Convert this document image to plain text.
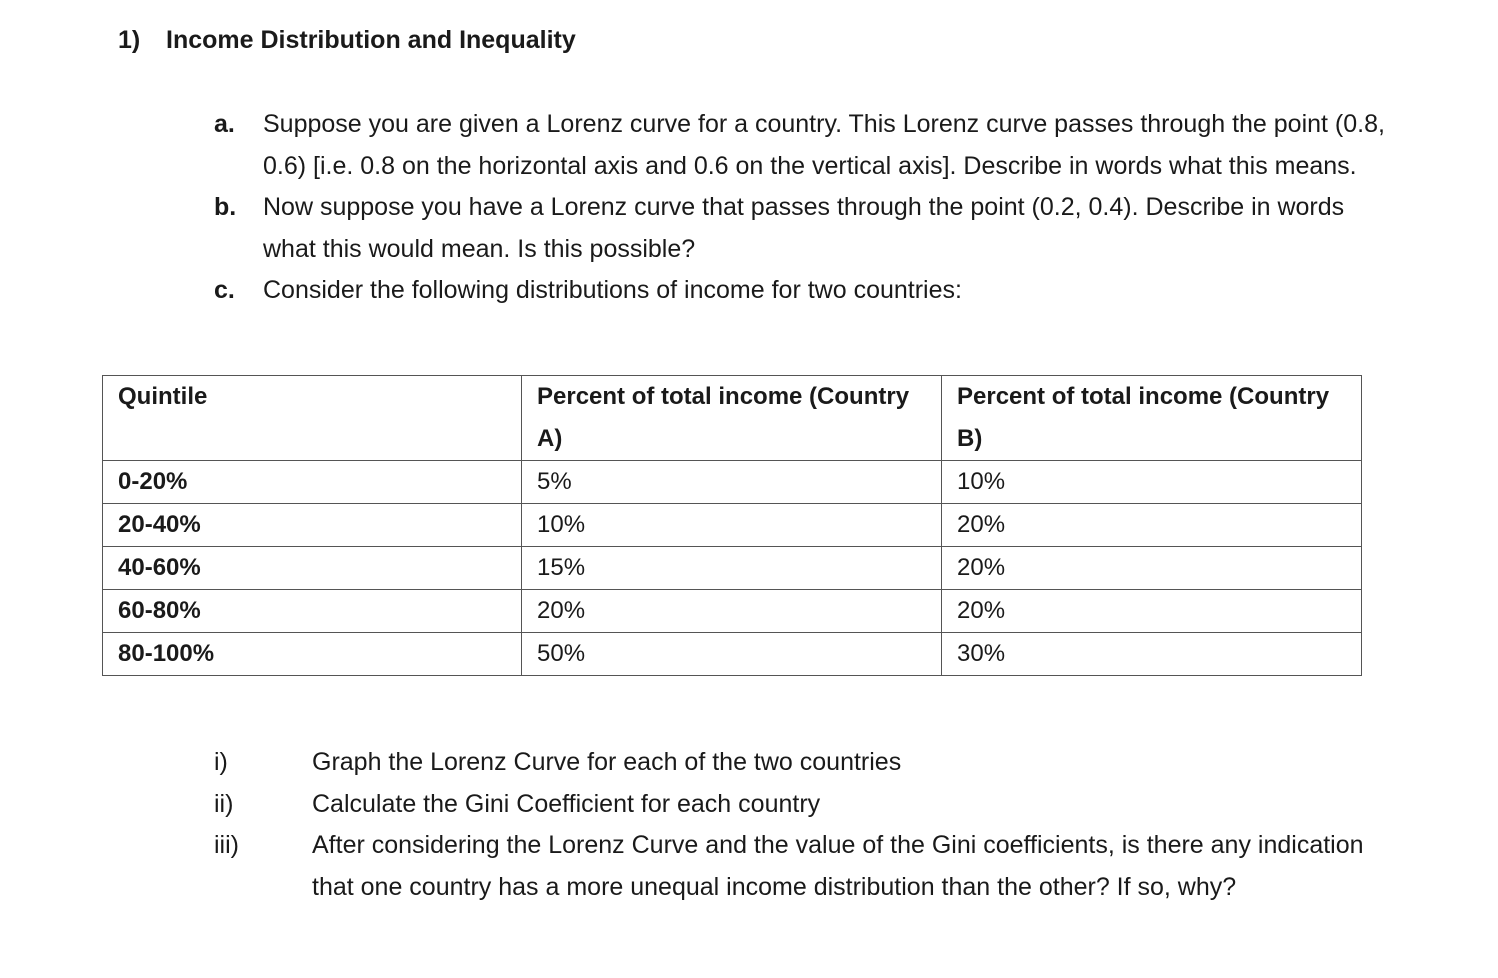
1) Income Distribution and Inequality
a.	Suppose you are given a Lorenz curve for a country. This Lorenz curve passes through the point (0.8, 0.6) [i.e. 0.8 on the horizontal axis and 0.6 on the vertical axis]. Describe in words what this means.
b.	Now suppose you have a Lorenz curve that passes through the point (0.2, 0.4). Describe in words what this would mean. Is this possible?
c.	Consider the following distributions of income for two countries:
Quintile	Percent of total income (Country A)	Percent of total income (Country B)
0-20%	5%	10%
20-40%	10%	20%
40-60%	15%	20%
60-80%	20%	20%
80-100%	50%	30%
i)	Graph the Lorenz Curve for each of the two countries
ii)	Calculate the Gini Coefficient for each country
iii)	After considering the Lorenz Curve and the value of the Gini coefficients, is there any indication that one country has a more unequal income distribution than the other? If so, why?
